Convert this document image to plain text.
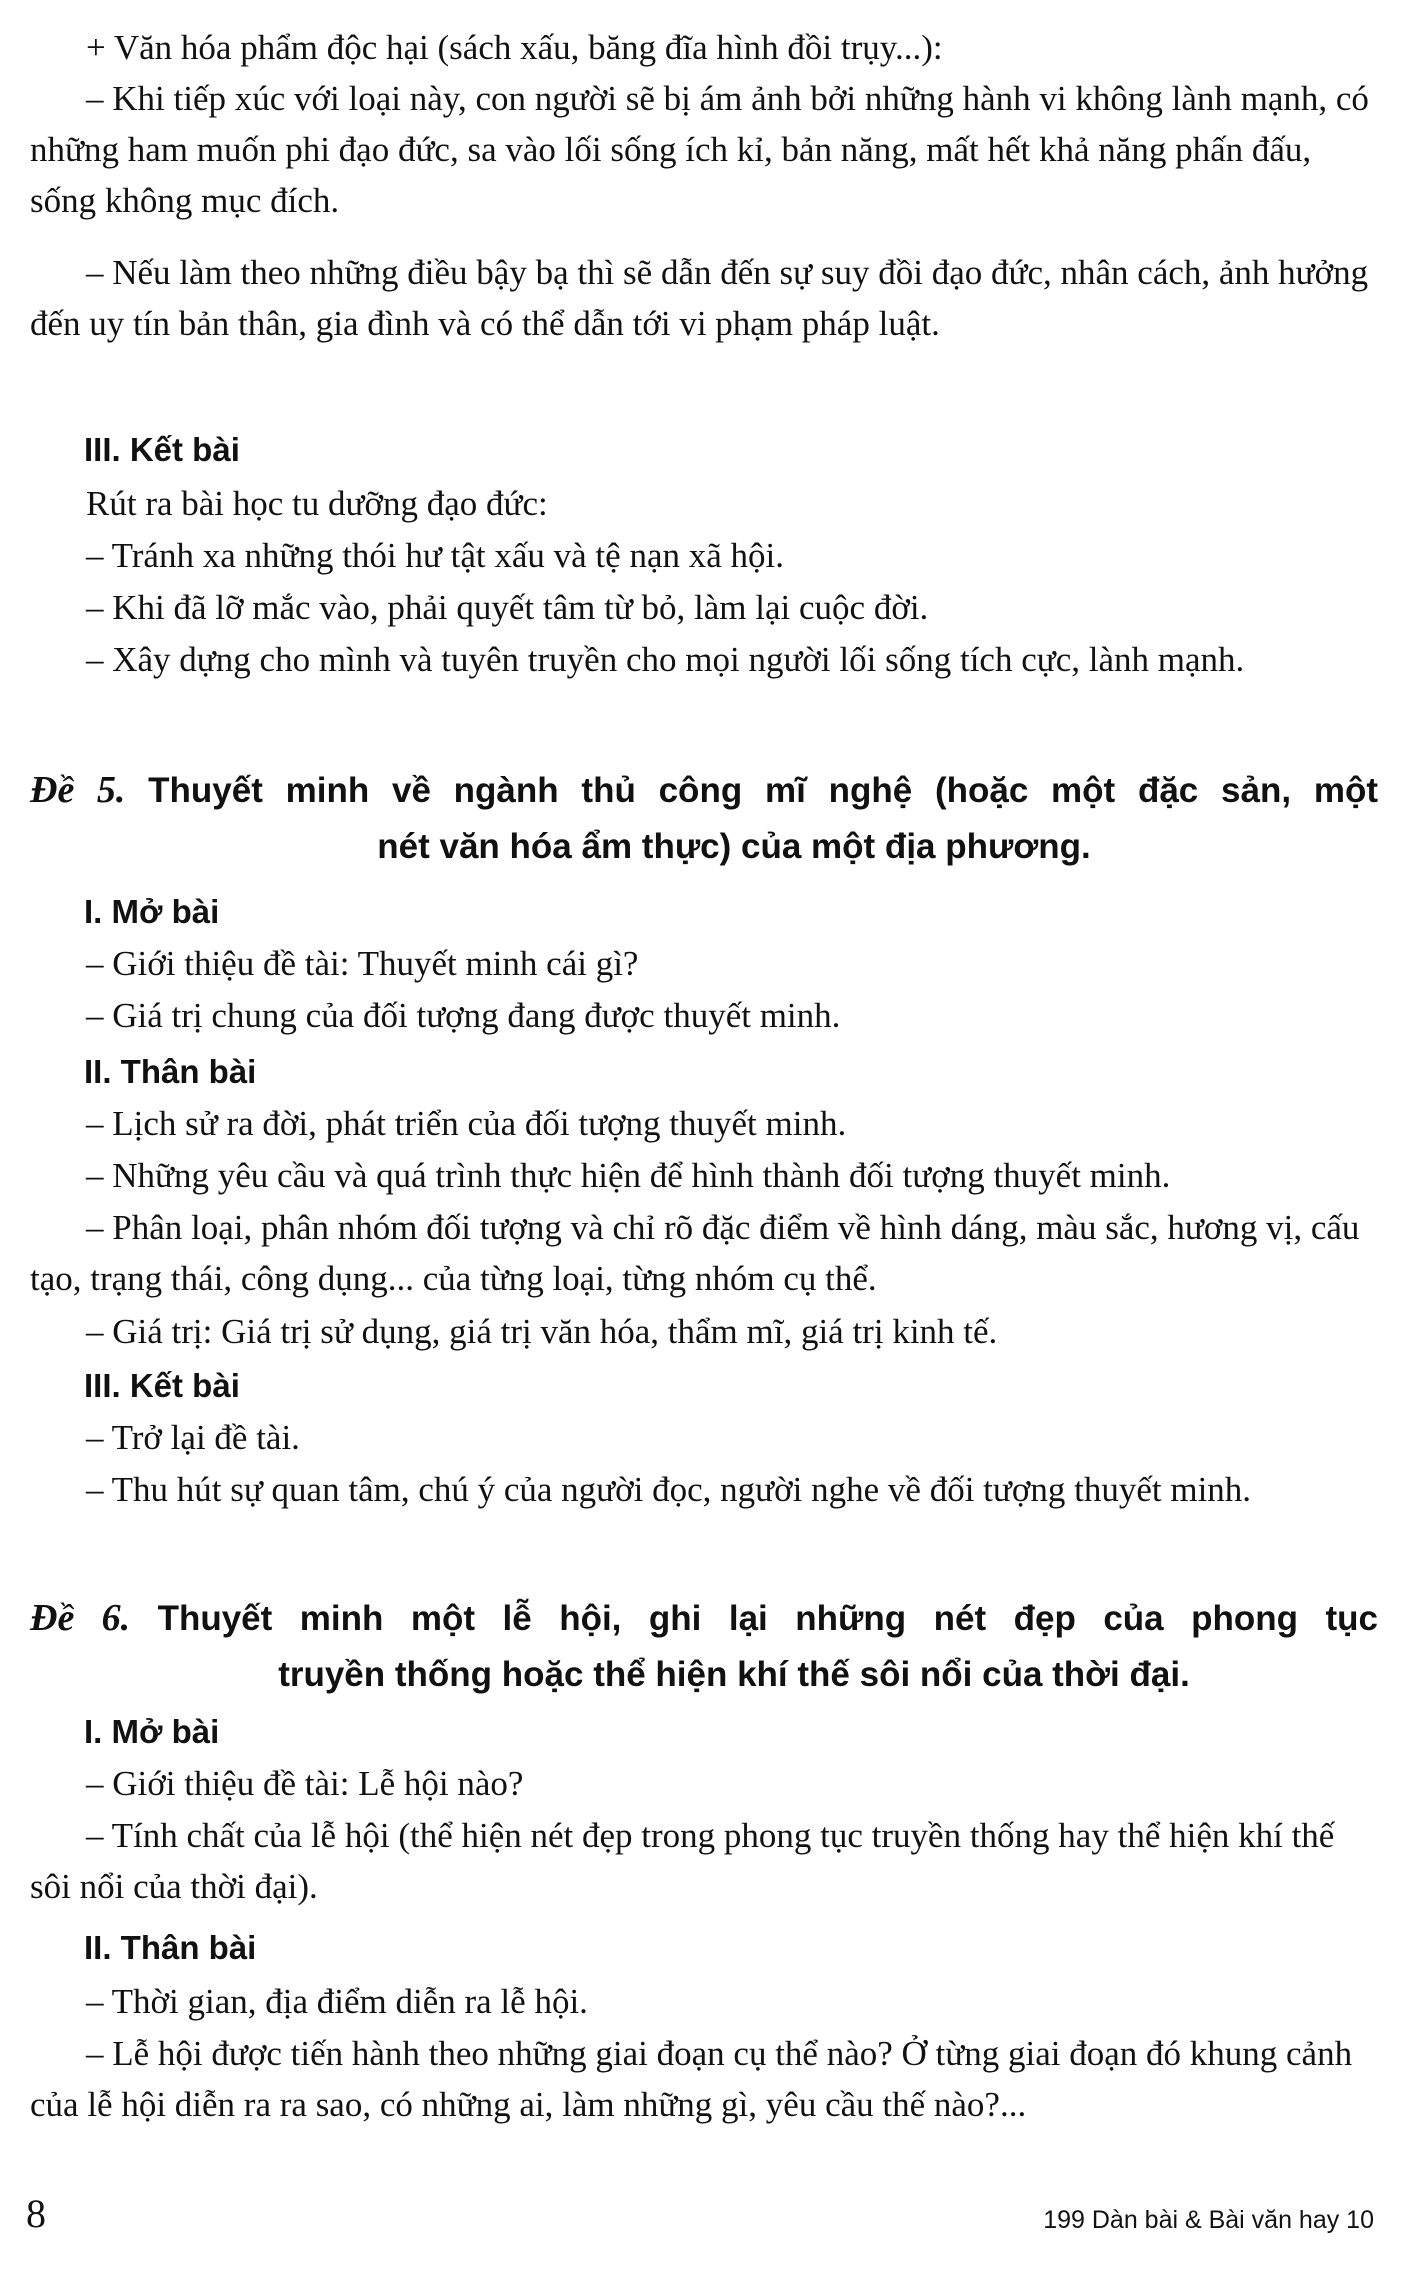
+ Văn hóa phẩm độc hại (sách xấu, băng đĩa hình đồi trụy...):

– Khi tiếp xúc với loại này, con người sẽ bị ám ảnh bởi những hành vi không lành mạnh, có những ham muốn phi đạo đức, sa vào lối sống ích kỉ, bản năng, mất hết khả năng phấn đấu, sống không mục đích.

– Nếu làm theo những điều bậy bạ thì sẽ dẫn đến sự suy đồi đạo đức, nhân cách, ảnh hưởng đến uy tín bản thân, gia đình và có thể dẫn tới vi phạm pháp luật.

III. Kết bài

Rút ra bài học tu dưỡng đạo đức:

– Tránh xa những thói hư tật xấu và tệ nạn xã hội.

– Khi đã lỡ mắc vào, phải quyết tâm từ bỏ, làm lại cuộc đời.

– Xây dựng cho mình và tuyên truyền cho mọi người lối sống tích cực, lành mạnh.

Đề 5. Thuyết minh về ngành thủ công mĩ nghệ (hoặc một đặc sản, một
nét văn hóa ẩm thực) của một địa phương.

I. Mở bài

– Giới thiệu đề tài: Thuyết minh cái gì?

– Giá trị chung của đối tượng đang được thuyết minh.

II. Thân bài

– Lịch sử ra đời, phát triển của đối tượng thuyết minh.

– Những yêu cầu và quá trình thực hiện để hình thành đối tượng thuyết minh.

– Phân loại, phân nhóm đối tượng và chỉ rõ đặc điểm về hình dáng, màu sắc, hương vị, cấu tạo, trạng thái, công dụng... của từng loại, từng nhóm cụ thể.

– Giá trị: Giá trị sử dụng, giá trị văn hóa, thẩm mĩ, giá trị kinh tế.

III. Kết bài

– Trở lại đề tài.

– Thu hút sự quan tâm, chú ý của người đọc, người nghe về đối tượng thuyết minh.

Đề 6. Thuyết minh một lễ hội, ghi lại những nét đẹp của phong tục
truyền thống hoặc thể hiện khí thế sôi nổi của thời đại.

I. Mở bài

– Giới thiệu đề tài: Lễ hội nào?

– Tính chất của lễ hội (thể hiện nét đẹp trong phong tục truyền thống hay thể hiện khí thế sôi nổi của thời đại).

II. Thân bài

– Thời gian, địa điểm diễn ra lễ hội.

– Lễ hội được tiến hành theo những giai đoạn cụ thể nào? Ở từng giai đoạn đó khung cảnh của lễ hội diễn ra ra sao, có những ai, làm những gì, yêu cầu thế nào?...

8	199 Dàn bài & Bài văn hay 10
